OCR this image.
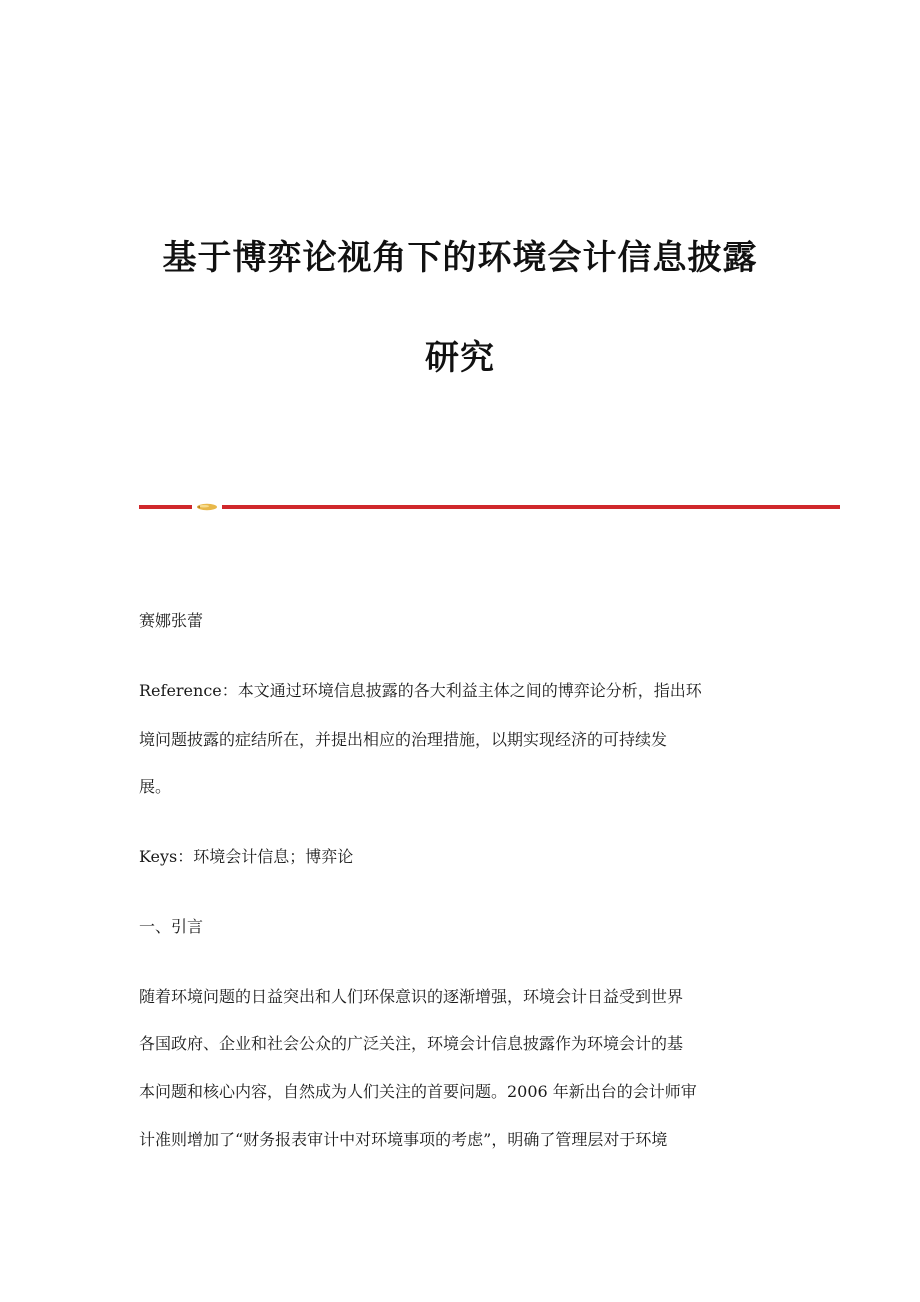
基于博弈论视角下的环境会计信息披露
研究
赛娜张蕾
Reference：本文通过环境信息披露的各大利益主体之间的博弈论分析，指出环
境问题披露的症结所在，并提出相应的治理措施，以期实现经济的可持续发
展。
Keys：环境会计信息；博弈论
一、引言
随着环境问题的日益突出和人们环保意识的逐渐增强，环境会计日益受到世界
各国政府、企业和社会公众的广泛关注，环境会计信息披露作为环境会计的基
本问题和核心内容，自然成为人们关注的首要问题。2006 年新出台的会计师审
计准则增加了“财务报表审计中对环境事项的考虑”，明确了管理层对于环境
